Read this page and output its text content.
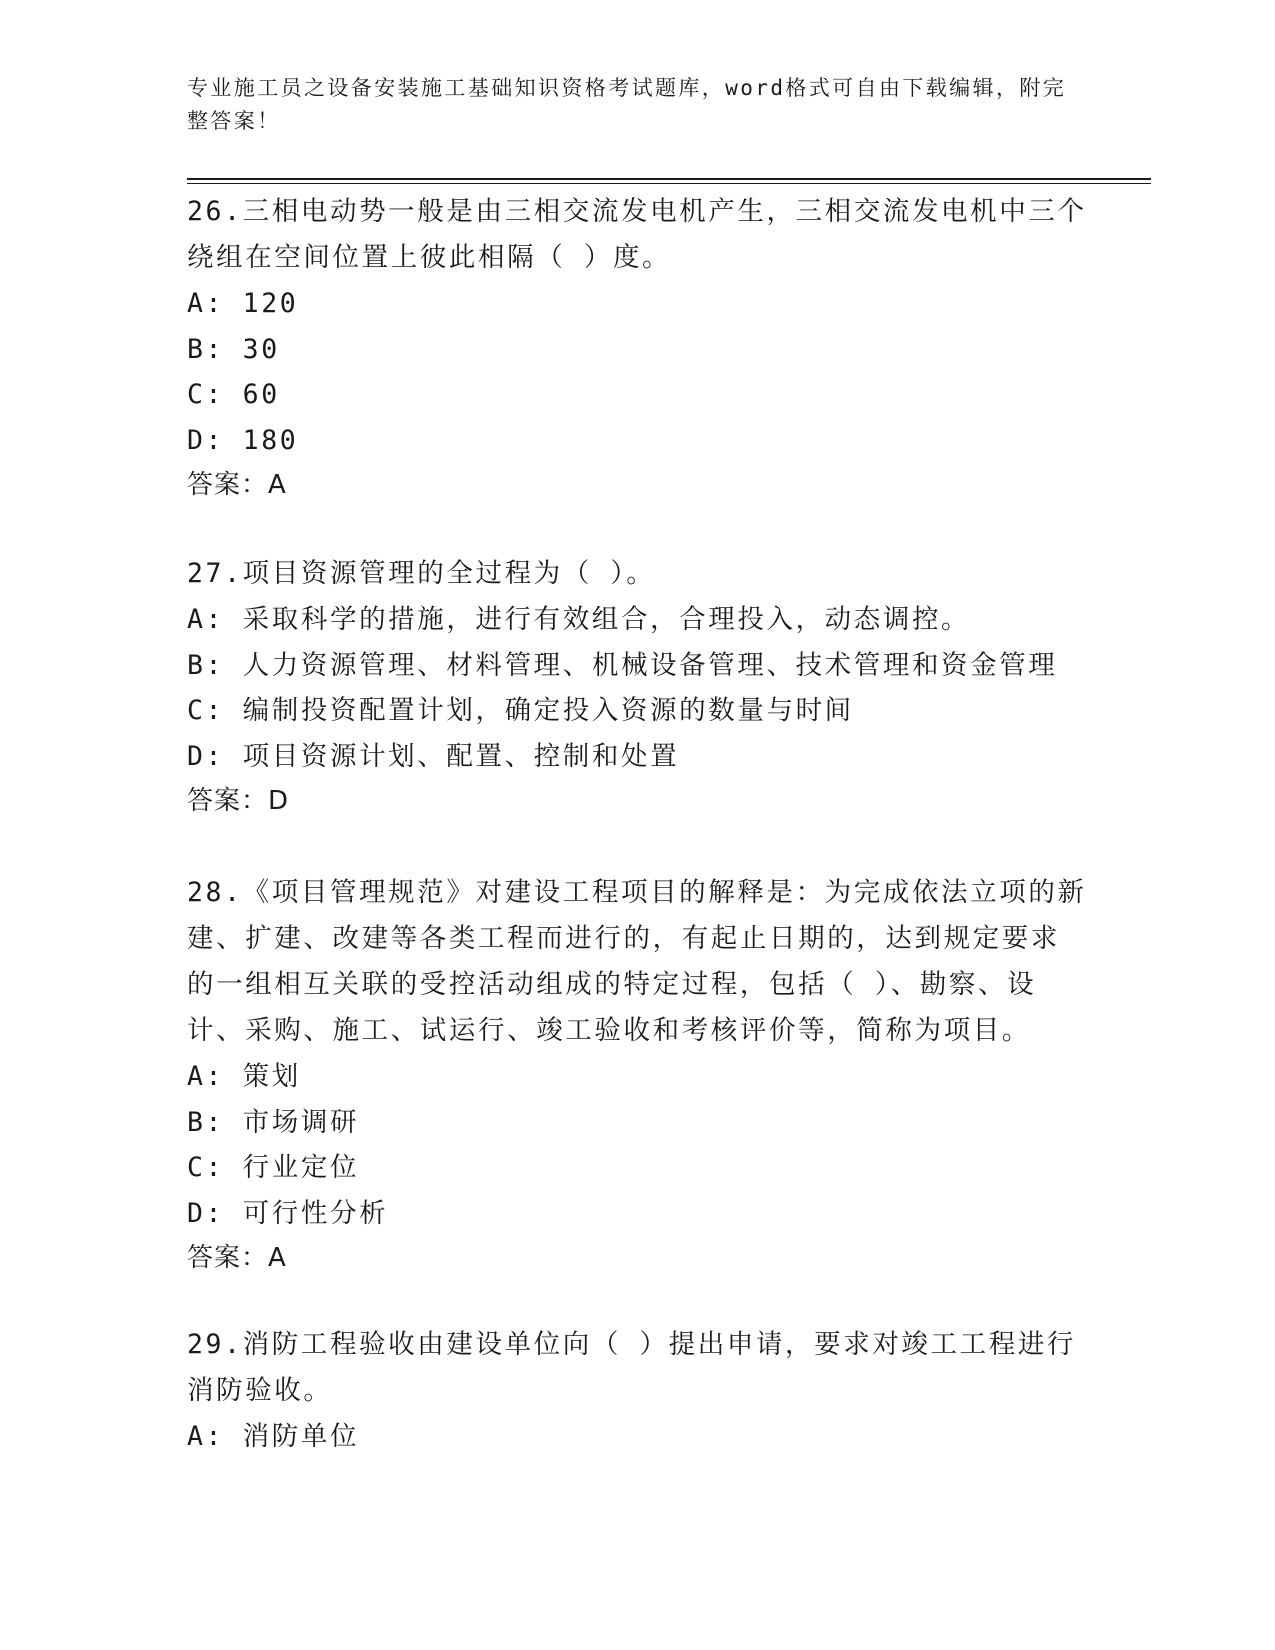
专业施工员之设备安装施工基础知识资格考试题库，word格式可自由下载编辑，附完整答案！

26.三相电动势一般是由三相交流发电机产生，三相交流发电机中三个绕组在空间位置上彼此相隔（ ）度。

A: 120

B: 30

C: 60

D: 180

答案：A

27.项目资源管理的全过程为（ ）。

A: 采取科学的措施，进行有效组合，合理投入，动态调控。

B: 人力资源管理、材料管理、机械设备管理、技术管理和资金管理

C: 编制投资配置计划，确定投入资源的数量与时间

D: 项目资源计划、配置、控制和处置

答案：D

28.《项目管理规范》对建设工程项目的解释是：为完成依法立项的新建、扩建、改建等各类工程而进行的，有起止日期的，达到规定要求的一组相互关联的受控活动组成的特定过程，包括（ ）、勘察、设计、采购、施工、试运行、竣工验收和考核评价等，简称为项目。

A: 策划

B: 市场调研

C: 行业定位

D: 可行性分析

答案：A

29.消防工程验收由建设单位向（ ）提出申请，要求对竣工工程进行消防验收。

A: 消防单位
